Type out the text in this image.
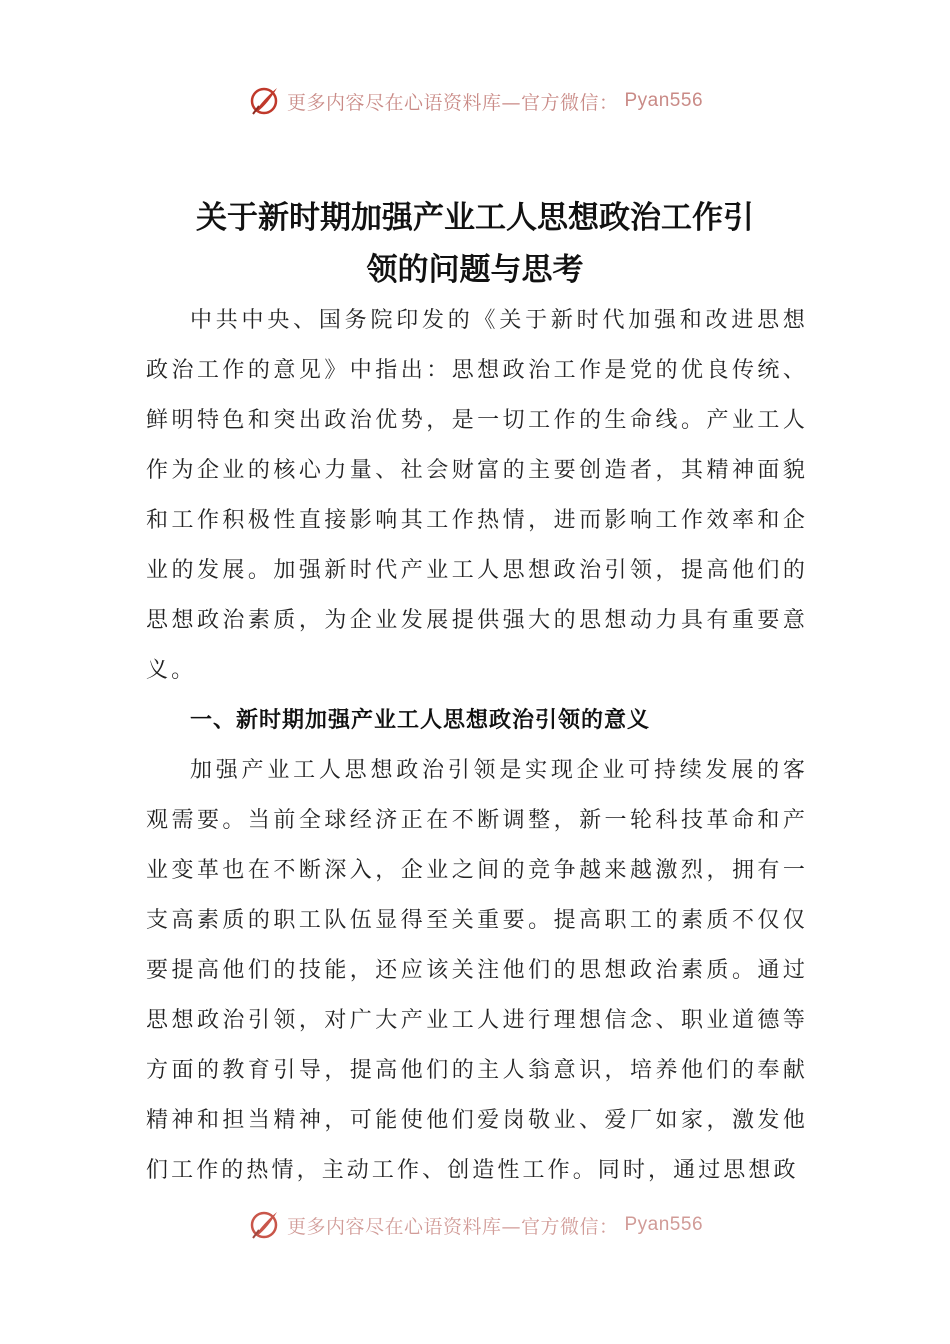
更多内容尽在心语资料库—官方微信： Pyan556
关于新时期加强产业工人思想政治工作引
领的问题与思考

中共中央、国务院印发的《关于新时代加强和改进思想政治工作的意见》中指出：思想政治工作是党的优良传统、鲜明特色和突出政治优势，是一切工作的生命线。产业工人作为企业的核心力量、社会财富的主要创造者，其精神面貌和工作积极性直接影响其工作热情，进而影响工作效率和企业的发展。加强新时代产业工人思想政治引领，提高他们的思想政治素质，为企业发展提供强大的思想动力具有重要意义。

一、新时期加强产业工人思想政治引领的意义

加强产业工人思想政治引领是实现企业可持续发展的客观需要。当前全球经济正在不断调整，新一轮科技革命和产业变革也在不断深入，企业之间的竞争越来越激烈，拥有一支高素质的职工队伍显得至关重要。提高职工的素质不仅仅要提高他们的技能，还应该关注他们的思想政治素质。通过思想政治引领，对广大产业工人进行理想信念、职业道德等方面的教育引导，提高他们的主人翁意识，培养他们的奉献精神和担当精神，可能使他们爱岗敬业、爱厂如家，激发他们工作的热情，主动工作、创造性工作。同时，通过思想政

更多内容尽在心语资料库—官方微信： Pyan556
